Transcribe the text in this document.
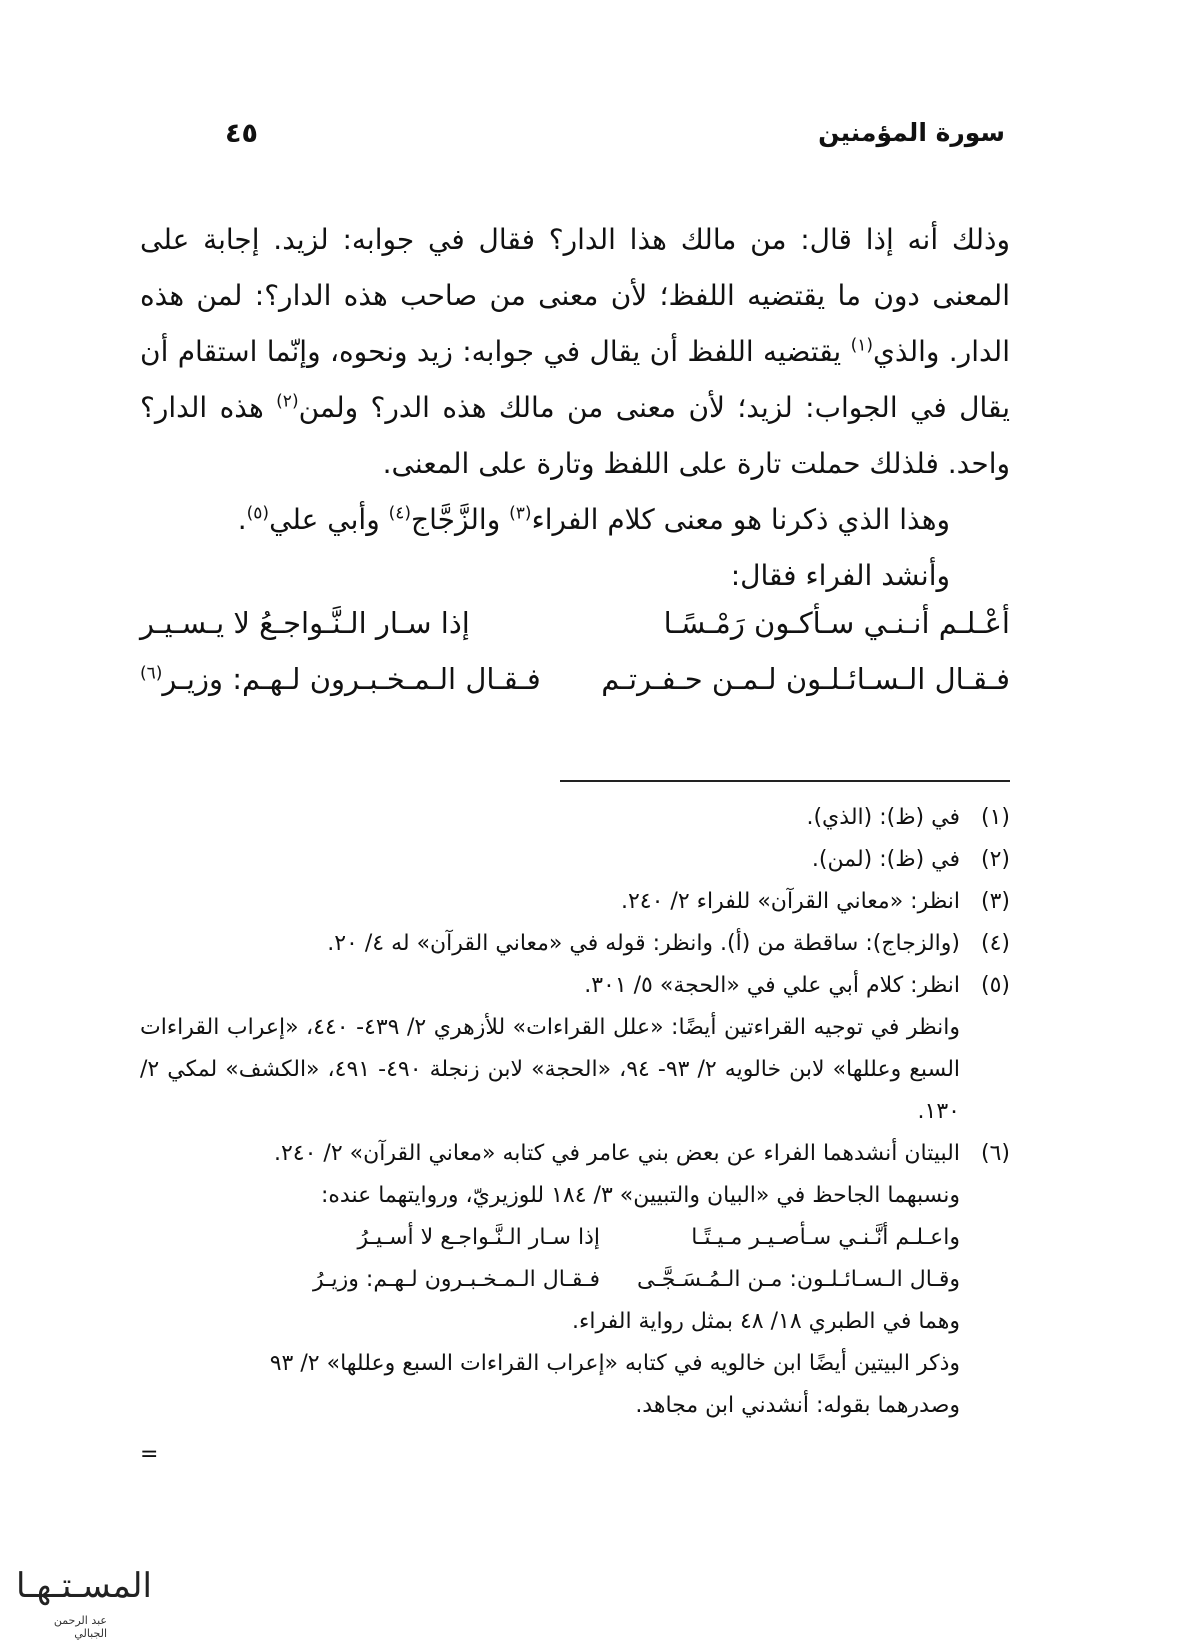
سورة المؤمنين
٤٥

وذلك أنه إذا قال: من مالك هذا الدار؟ فقال في جوابه: لزيد. إجابة على المعنى دون ما يقتضيه اللفظ؛ لأن معنى من صاحب هذه الدار؟: لمن هذه الدار. والذي$^{(١)}$ يقتضيه اللفظ أن يقال في جوابه: زيد ونحوه، وإنّما استقام أن يقال في الجواب: لزيد؛ لأن معنى من مالك هذه الدر؟ ولمن$^{(٢)}$ هذه الدار؟ واحد. فلذلك حملت تارة على اللفظ وتارة على المعنى.

وهذا الذي ذكرنا هو معنى كلام الفراء$^{(٣)}$ والزَّجَّاج$^{(٤)}$ وأبي علي$^{(٥)}$.

وأنشد الفراء فقال:

أعْـلـم أنـنـي سـأكـون رَمْـسًـا
إذا سـار الـنَّـواجـعُ لا يـسـيـر
فـقـال الـسـائـلـون لـمـن حـفـرتـم
فـقـال الـمـخـبـرون لـهـم: وزيـر$^{(٦)}$
(١)
في (ظ): (الذي).
(٢)
في (ظ): (لمن).
(٣)
انظر: «معاني القرآن» للفراء ٢/ ٢٤٠.
(٤)
(والزجاج): ساقطة من (أ). وانظر: قوله في «معاني القرآن» له ٤/ ٢٠.
(٥)
انظر: كلام أبي علي في «الحجة» ٥/ ٣٠١.
وانظر في توجيه القراءتين أيضًا: «علل القراءات» للأزهري ٢/ ٤٣٩- ٤٤٠، «إعراب القراءات السبع وعللها» لابن خالويه ٢/ ٩٣- ٩٤، «الحجة» لابن زنجلة ٤٩٠- ٤٩١، «الكشف» لمكي ٢/ ١٣٠.
(٦)
البيتان أنشدهما الفراء عن بعض بني عامر في كتابه «معاني القرآن» ٢/ ٢٤٠.
ونسبهما الجاحظ في «البيان والتبيين» ٣/ ١٨٤ للوزيريّ، وروايتهما عنده:
واعـلـم أنَّـنـي سـأصـيـر مـيـتًـا
إذا سـار الـنَّـواجـع لا أسـيـرُ
وقـال الـسـائـلـون: مـن الـمُـسَـجَّـى
فـقـال الـمـخـبـرون لـهـم: وزيـرُ
وهما في الطبري ١٨/ ٤٨ بمثل رواية الفراء.
وذكر البيتين أيضًا ابن خالويه في كتابه «إعراب القراءات السبع وعللها» ٢/ ٩٣
وصدرهما بقوله: أنشدني ابن مجاهد.
=
المسـتـهـا
عبد الرحمن الجبالي
